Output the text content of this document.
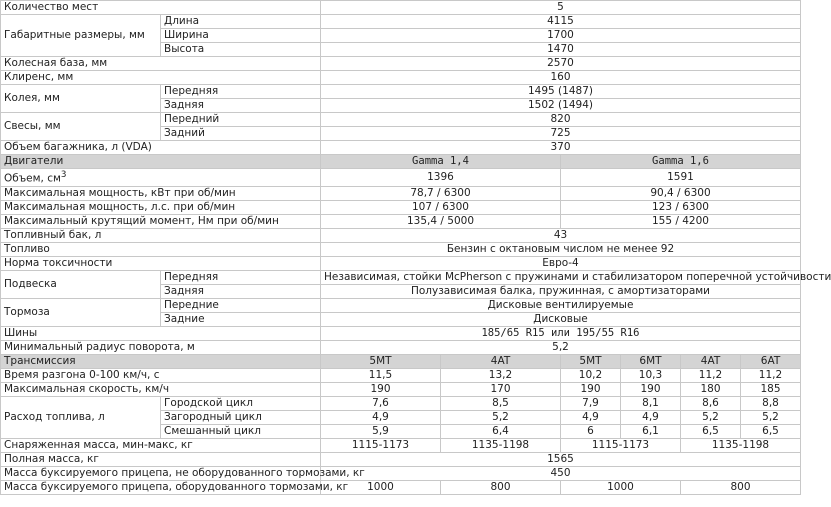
Количество мест		5					
Габаритные размеры, мм	Длина	4115					
	Ширина	1700					
	Высота	1470					
Колесная база, мм		2570					
Клиренс, мм		160					
Колея, мм	Передняя	1495 (1487)					
	Задняя	1502 (1494)					
Свесы, мм	Передний	820					
	Задний	725					
Объем багажника, л (VDA)		370					
Двигатели		Gamma 1,4		Gamma 1,6			
Объем, $см^3$		1396		1591			
Максимальная мощность, кВт при об/мин		78,7 / 6300		90,4 / 6300			
Максимальная мощность, л.с. при об/мин		107 / 6300		123 / 6300			
Максимальный крутящий момент, Нм при об/мин		135,4 / 5000		155 / 4200			
Топливный бак, л		43					
Топливо		Бензин с октановым числом не менее 92					
Норма токсичности		Евро-4					
Подвеска	Передняя	Независимая, стойки McPherson с пружинами и стабилизатором поперечной устойчивости					
	Задняя	Полузависимая балка, пружинная, с амортизаторами					
Тормоза	Передние	Дисковые вентилируемые					
	Задние	Дисковые					
Шины		185/65 R15 или 195/55 R16					
Минимальный радиус поворота, м		5,2					
Трансмиссия		5MT	4AT	5MT	6MT	4AT	6AT
Время разгона 0-100 км/ч, с		11,5	13,2	10,2	10,3	11,2	11,2
Максимальная скорость, км/ч		190	170	190	190	180	185
Расход топлива, л	Городской цикл	7,6	8,5	7,9	8,1	8,6	8,8
	Загородный цикл	4,9	5,2	4,9	4,9	5,2	5,2
	Смешанный цикл	5,9	6,4	6	6,1	6,5	6,5
Снаряженная масса, мин-макс, кг		1115-1173	1135-1198	1115-1173		1135-1198	
Полная масса, кг		1565					
Масса буксируемого прицепа, не оборудованного тормозами, кг		450					
Масса буксируемого прицепа, оборудованного тормозами, кг		1000	800	1000		800	
